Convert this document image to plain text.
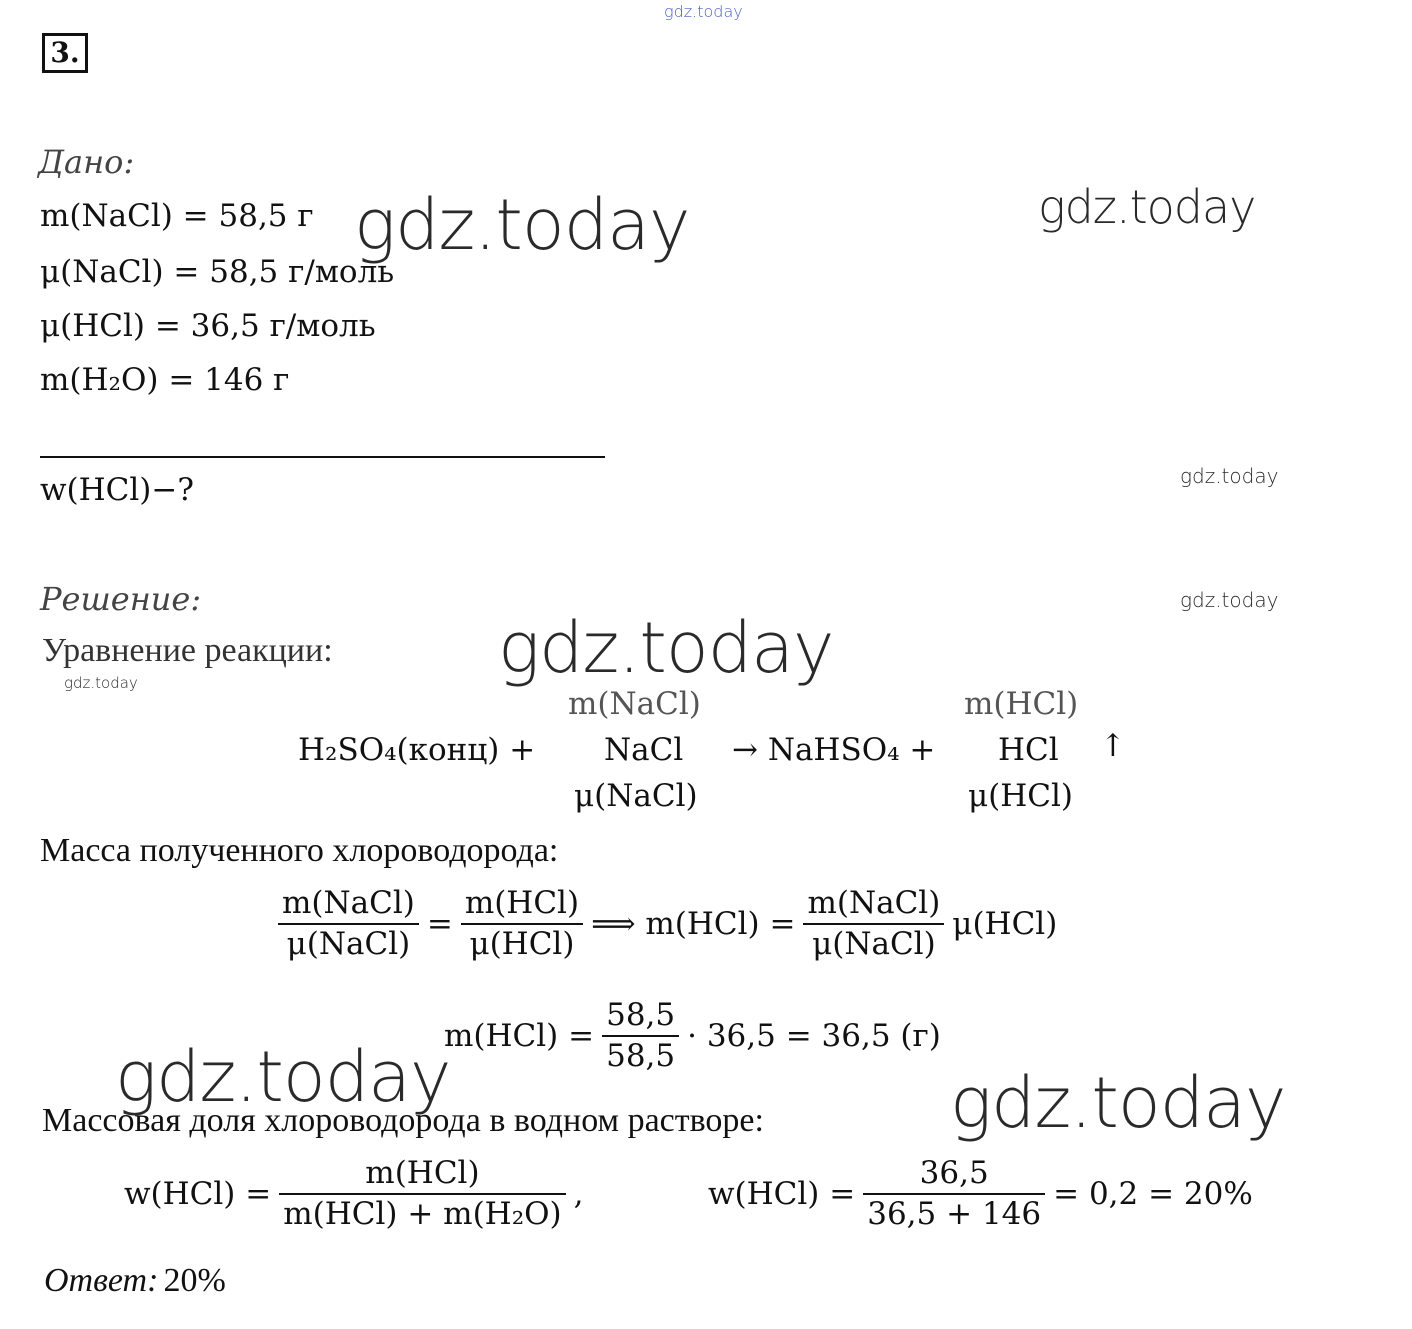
gdz.today
gdz.today	gdz.today
gdz.today
gdz.today
gdz.today
gdz.today
gdz.today	gdz.today
3.
Дано:
m(NaCl) = 58,5 г
μ(NaCl) = 58,5 г/моль
μ(HCl) = 36,5 г/моль
m(H₂O) = 146 г
w(HCl)−?
Решение:
Уравнение реакции:
H₂SO₄(конц) +
m(NaCl)
NaCl
μ(NaCl)
→ NaHSO₄ +
m(HCl)
HCl
μ(HCl)
↑
Масса полученного хлороводорода:
$\frac{\text{m(NaCl)}}{\text{μ(NaCl)}} = \frac{\text{m(HCl)}}{\text{μ(HCl)}}$ ⟹ $m(HCl) = \frac{\text{m(NaCl)}}{\text{μ(NaCl)}} \mu(HCl)$
$m(HCl) = \frac{58,5}{58,5} \cdot 36,5 = 36,5$ (г)
Массовая доля хлороводорода в водном растворе:
$w(HCl) = \frac{\text{m(HCl)}}{\text{m(HCl) + m(H₂O)}}$ ,	$w(HCl) = \frac{36,5}{36,5 + 146} = 0,2 = 20\%$
Ответ: 20%
